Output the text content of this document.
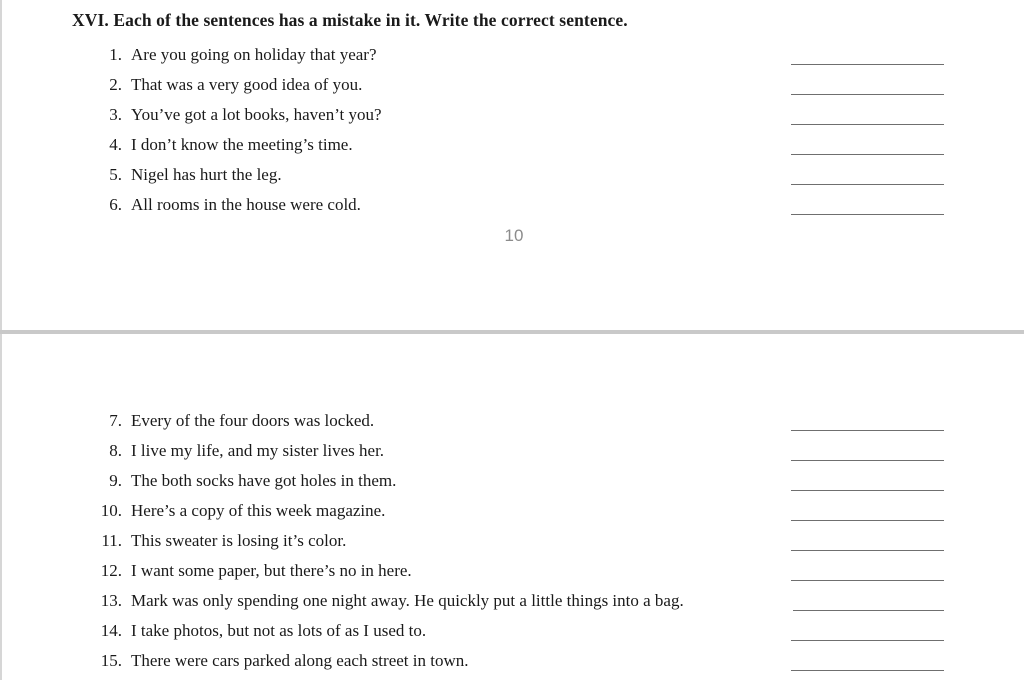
XVI. Each of the sentences has a mistake in it. Write the correct sentence.
10
1. Are you going on holiday that year?
2. That was a very good idea of you.
3. You’ve got a lot books, haven’t you?
4. I don’t know the meeting’s time.
5. Nigel has hurt the leg.
6. All rooms in the house were cold.
7. Every of the four doors was locked.
8. I live my life, and my sister lives her.
9. The both socks have got holes in them.
10. Here’s a copy of this week magazine.
11. This sweater is losing it’s color.
12. I want some paper, but there’s no in here.
13. Mark was only spending one night away. He quickly put a little things into a bag.
14. I take photos, but not as lots of as I used to.
15. There were cars parked along each street in town.
